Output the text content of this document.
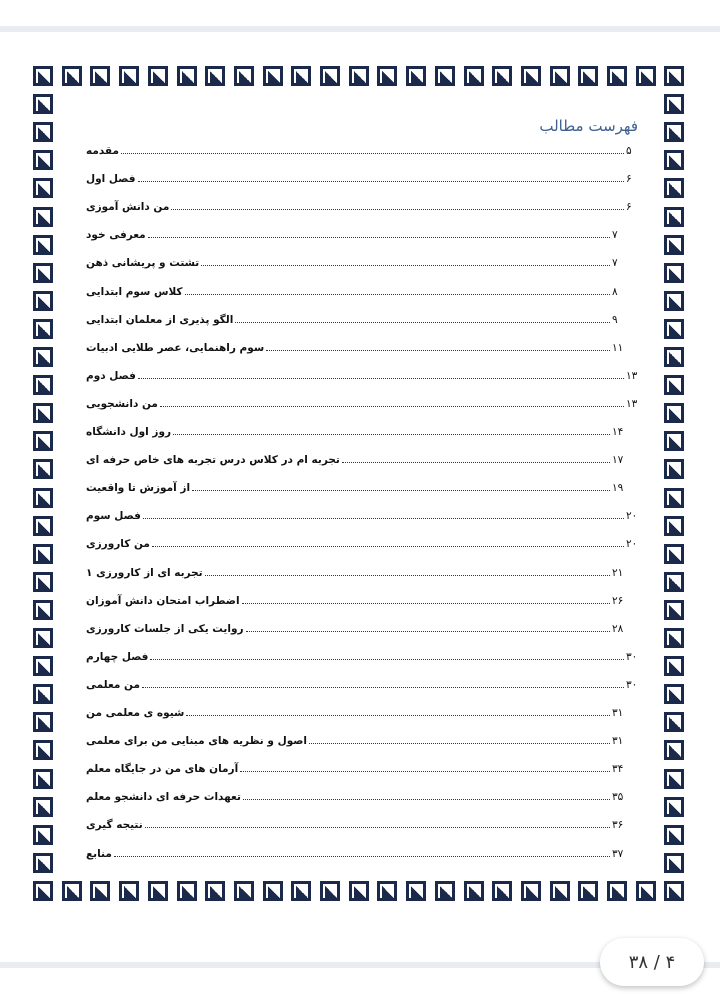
فهرست مطالب
مقدمه	۵
فصل اول	۶
من دانش آموزی	۶
معرفی خود	۷
تشتت و پریشانی ذهن	۷
کلاس سوم ابتدایی	۸
الگو پذیری از معلمان ابتدایی	۹
سوم راهنمایی، عصر طلایی ادبیات	۱۱
فصل دوم	۱۳
من دانشجویی	۱۳
روز اول دانشگاه	۱۴
تجربه ام در کلاس درس تجربه های خاص حرفه ای	۱۷
از آموزش تا واقعیت	۱۹
فصل سوم	۲۰
من کارورزی	۲۰
تجربه ای از کارورزی ۱	۲۱
اضطراب امتحان دانش آموزان	۲۶
روایت یکی از جلسات کارورزی	۲۸
فصل چهارم	۳۰
من معلمی	۳۰
شیوه ی معلمی من	۳۱
اصول و نظریه های مبنایی من برای معلمی	۳۱
آرمان های من در جایگاه معلم	۳۴
تعهدات حرفه ای دانشجو معلم	۳۵
نتیجه گیری	۳۶
منابع	۳۷
۴ / ۳۸
